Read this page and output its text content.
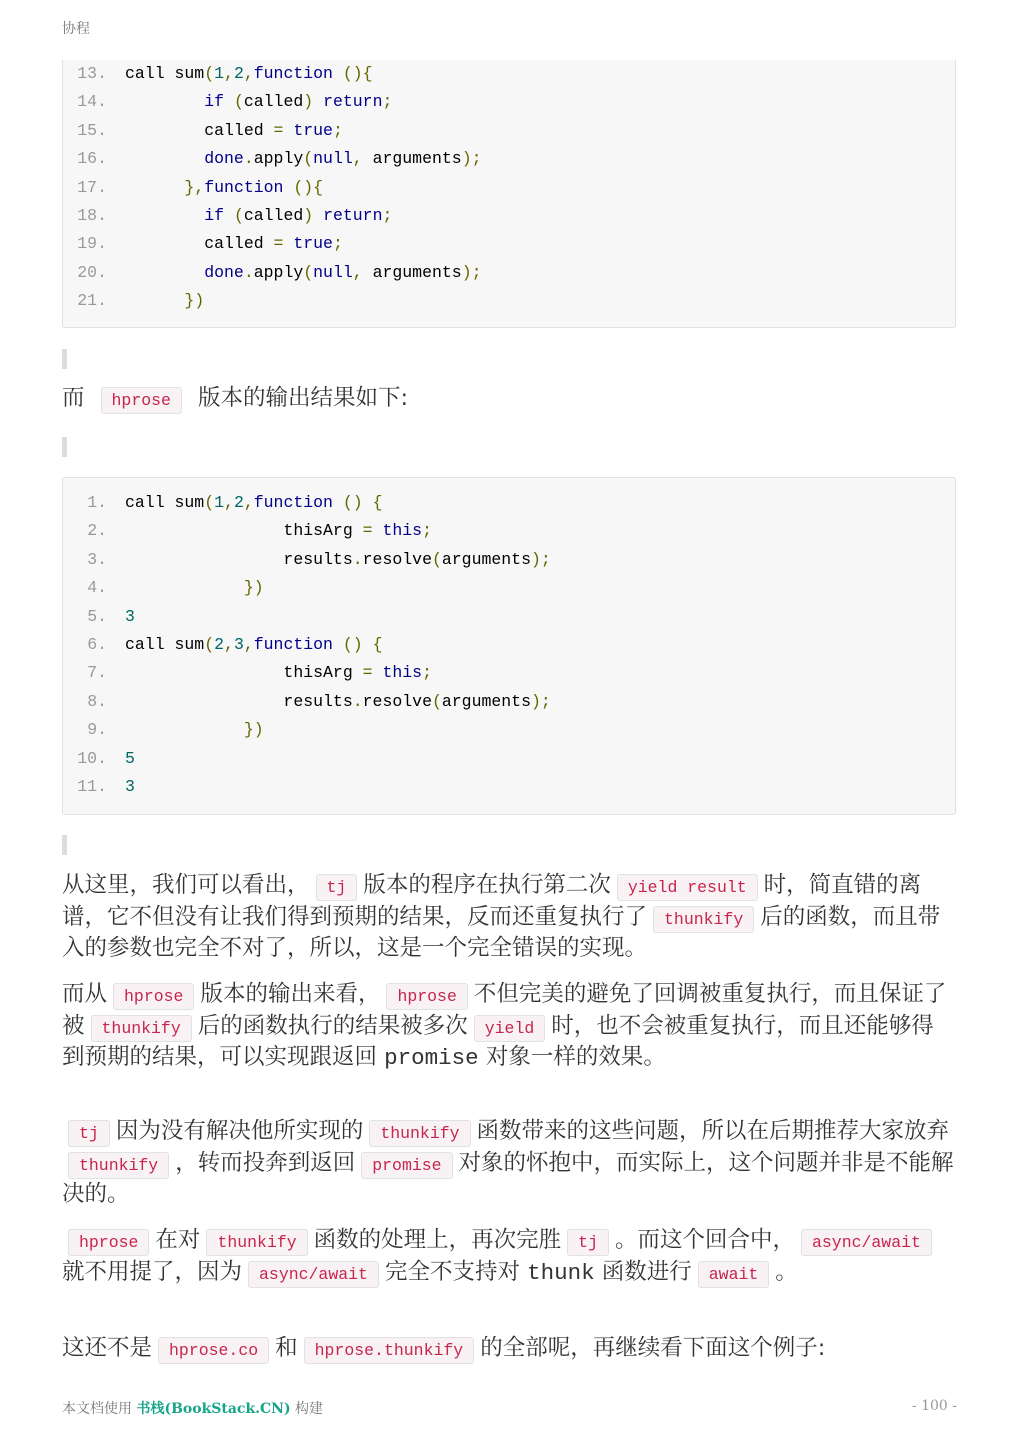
协程
13. call sum(1,2,function (){
14.	if (called) return;
15. called = true;
16.	done.apply(null, arguments);
17.	},function (){
18.	if (called) return;
19. called = true;
20.	done.apply(null, arguments);
21.	})
而 hprose 版本的输出结果如下:
1. call sum(1,2,function () {
2. thisArg = this;
3. results.resolve(arguments);
4.	})
5. 3
6. call sum(2,3,function () {
7. thisArg = this;
8. results.resolve(arguments);
9.	})
10. 5
11. 3
从这里，我们可以看出， tj 版本的程序在执行第二次 yield result 时，简直错的离谱，它不但没有让我们得到预期的结果，反而还重复执行了 thunkify 后的函数，而且带入的参数也完全不对了，所以，这是一个完全错误的实现。
而从 hprose 版本的输出来看， hprose 不但完美的避免了回调被重复执行，而且保证了被 thunkify 后的函数执行的结果被多次 yield 时，也不会被重复执行，而且还能够得到预期的结果，可以实现跟返回 promise 对象一样的效果。
tj 因为没有解决他所实现的 thunkify 函数带来的这些问题，所以在后期推荐大家放弃thunkify ，转而投奔到返回 promise 对象的怀抱中，而实际上，这个问题并非是不能解决的。
hprose 在对 thunkify 函数的处理上，再次完胜 tj 。而这个回合中， async/await就不用提了，因为 async/await 完全不支持对 thunk 函数进行 await 。
这还不是 hprose.co 和 hprose.thunkify 的全部呢，再继续看下面这个例子:
本文档使用 书栈(BookStack.CN) 构建	- 100 -
